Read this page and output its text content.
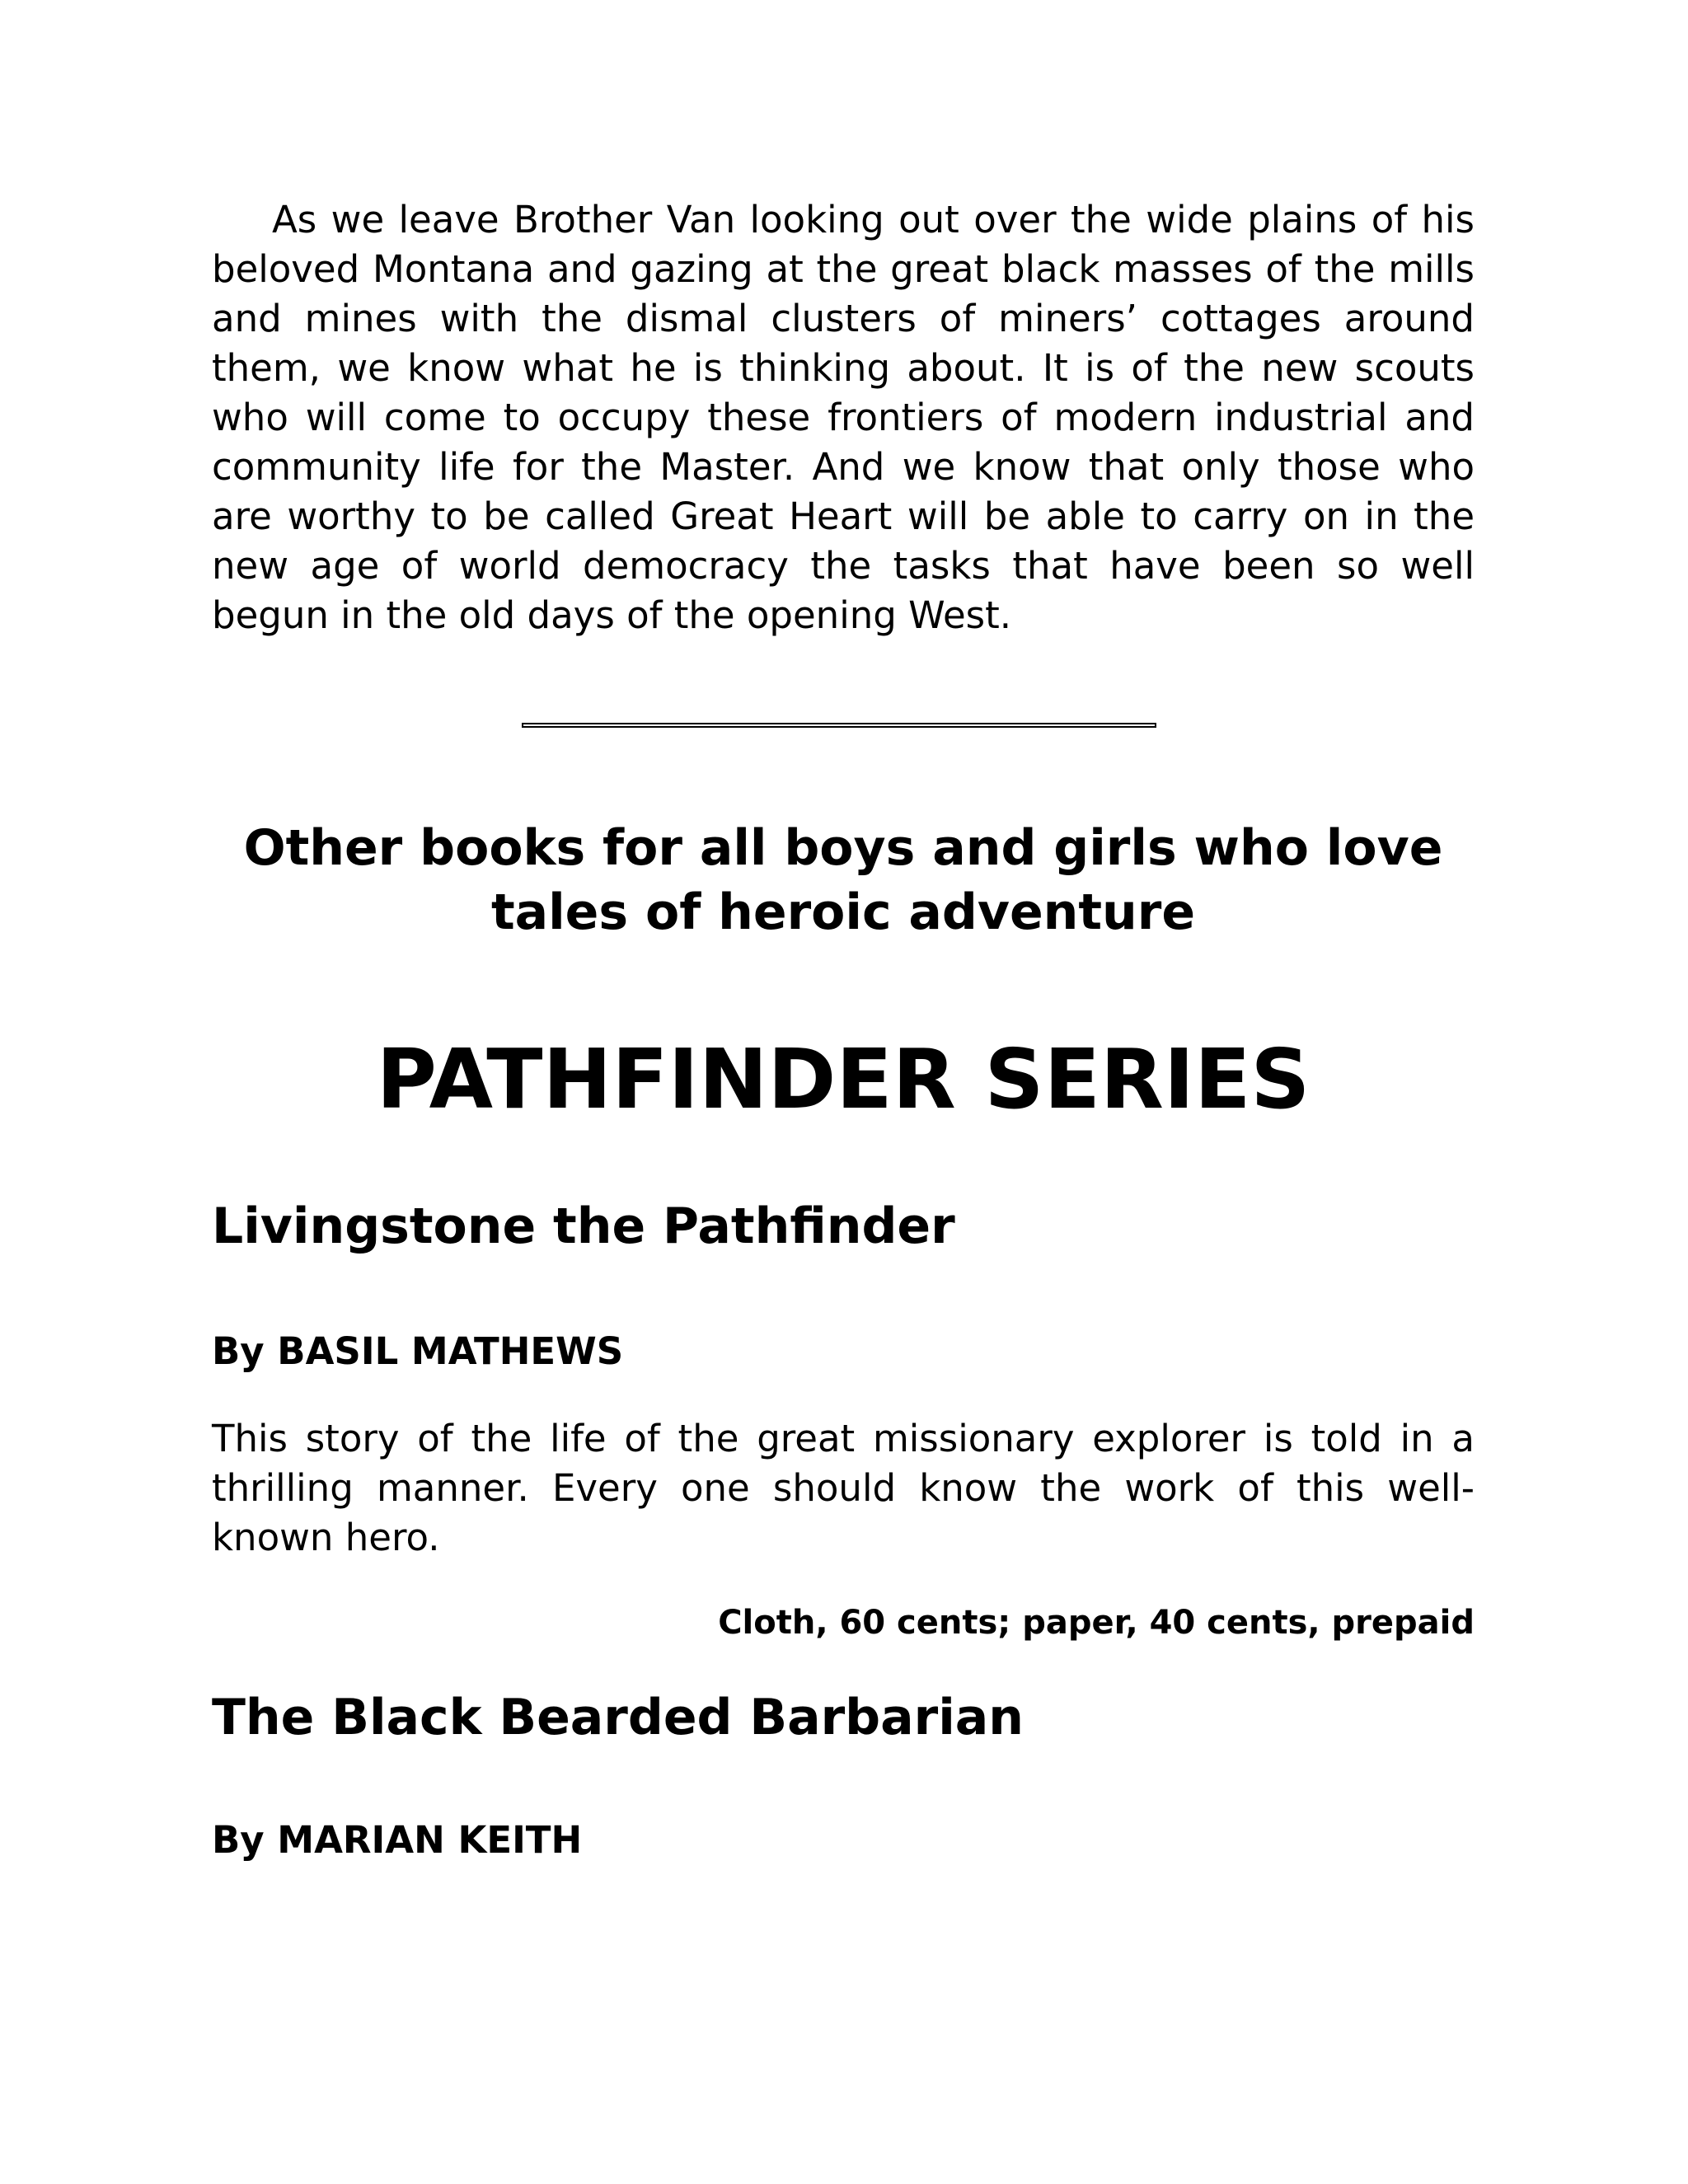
As we leave Brother Van looking out over the wide plains of his beloved Montana and gazing at the great black masses of the mills and mines with the dismal clusters of miners’ cottages around them, we know what he is thinking about. It is of the new scouts who will come to occupy these frontiers of modern industrial and community life for the Master. And we know that only those who are worthy to be called Great Heart will be able to carry on in the new age of world democracy the tasks that have been so well begun in the old days of the opening West.

Other books for all boys and girls who love
tales of heroic adventure
PATHFINDER SERIES
Livingstone the Pathfinder

By BASIL MATHEWS

This story of the life of the great missionary explorer is told in a thrilling manner. Every one should know the work of this well-known hero.

Cloth, 60 cents; paper, 40 cents, prepaid

The Black Bearded Barbarian

By MARIAN KEITH
